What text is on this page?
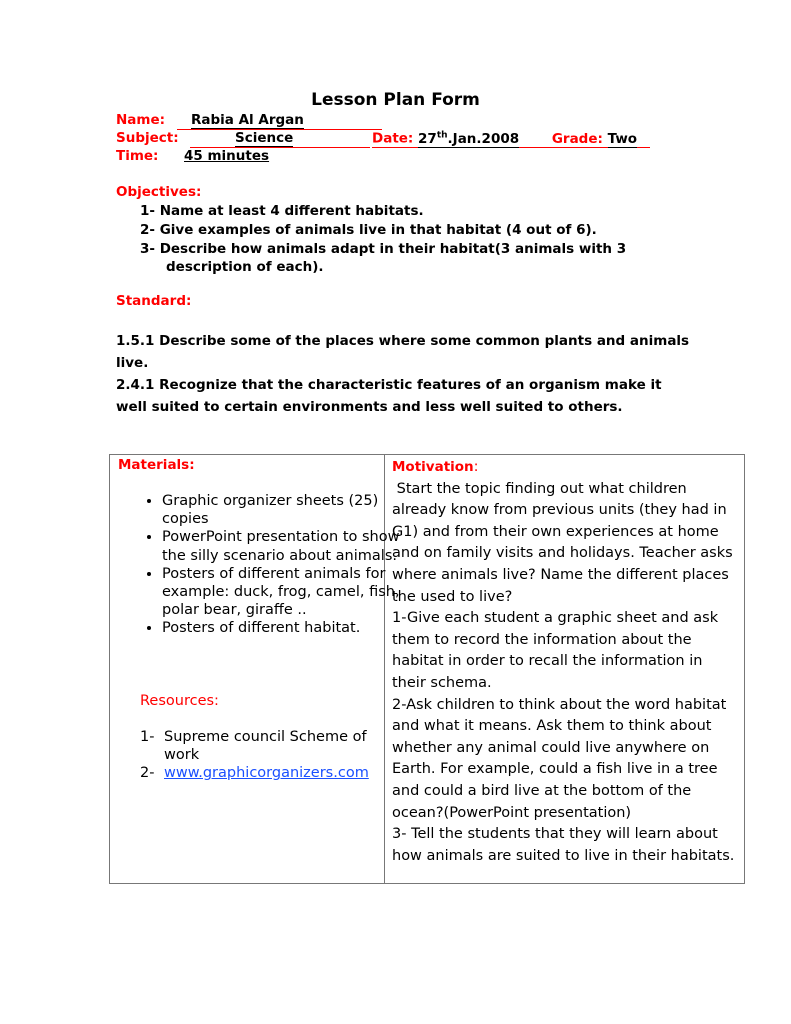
Lesson Plan Form
Name:	Rabia Al Argan
Subject:	Science	Date: 27th.Jan.2008 Grade: Two
Time: 45 minutes
Objectives:
1- Name at least 4 different habitats.
2- Give examples of animals live in that habitat (4 out of 6).
3- Describe how animals adapt in their habitat(3 animals with 3
description of each).
Standard:
1.5.1 Describe some of the places where some common plants and animals live.
2.4.1 Recognize that the characteristic features of an organism make it well suited to certain environments and less well suited to others.
Materials:
• Graphic organizer sheets (25) copies
• PowerPoint presentation to show the silly scenario about animals.
• Posters of different animals for example: duck, frog, camel, fish, polar bear, giraffe ..
• Posters of different habitat.
Resources:
1- Supreme council Scheme of work
2- www.graphicorganizers.com
Motivation:
Start the topic finding out what children
already know from previous units (they had in
G1) and from their own experiences at home
and on family visits and holidays. Teacher asks
where animals live? Name the different places
the used to live?
1-Give each student a graphic sheet and ask
them to record the information about the
habitat in order to recall the information in
their schema.
2-Ask children to think about the word habitat
and what it means. Ask them to think about
whether any animal could live anywhere on
Earth. For example, could a fish live in a tree
and could a bird live at the bottom of the
ocean?(PowerPoint presentation)
3- Tell the students that they will learn about
how animals are suited to live in their habitats.
